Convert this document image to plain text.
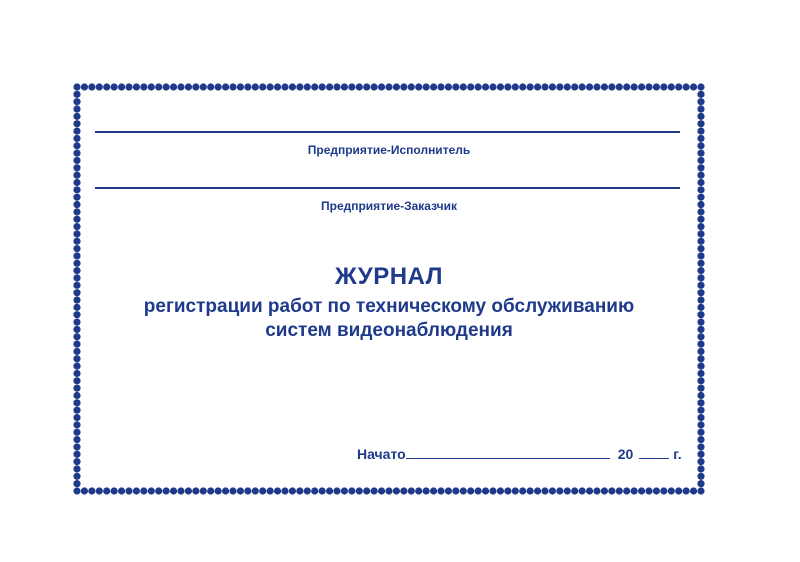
Предприятие-Исполнитель
Предприятие-Заказчик
ЖУРНАЛ
регистрации работ по техническому обслуживанию
систем видеонаблюдения
Начато	20	г.
